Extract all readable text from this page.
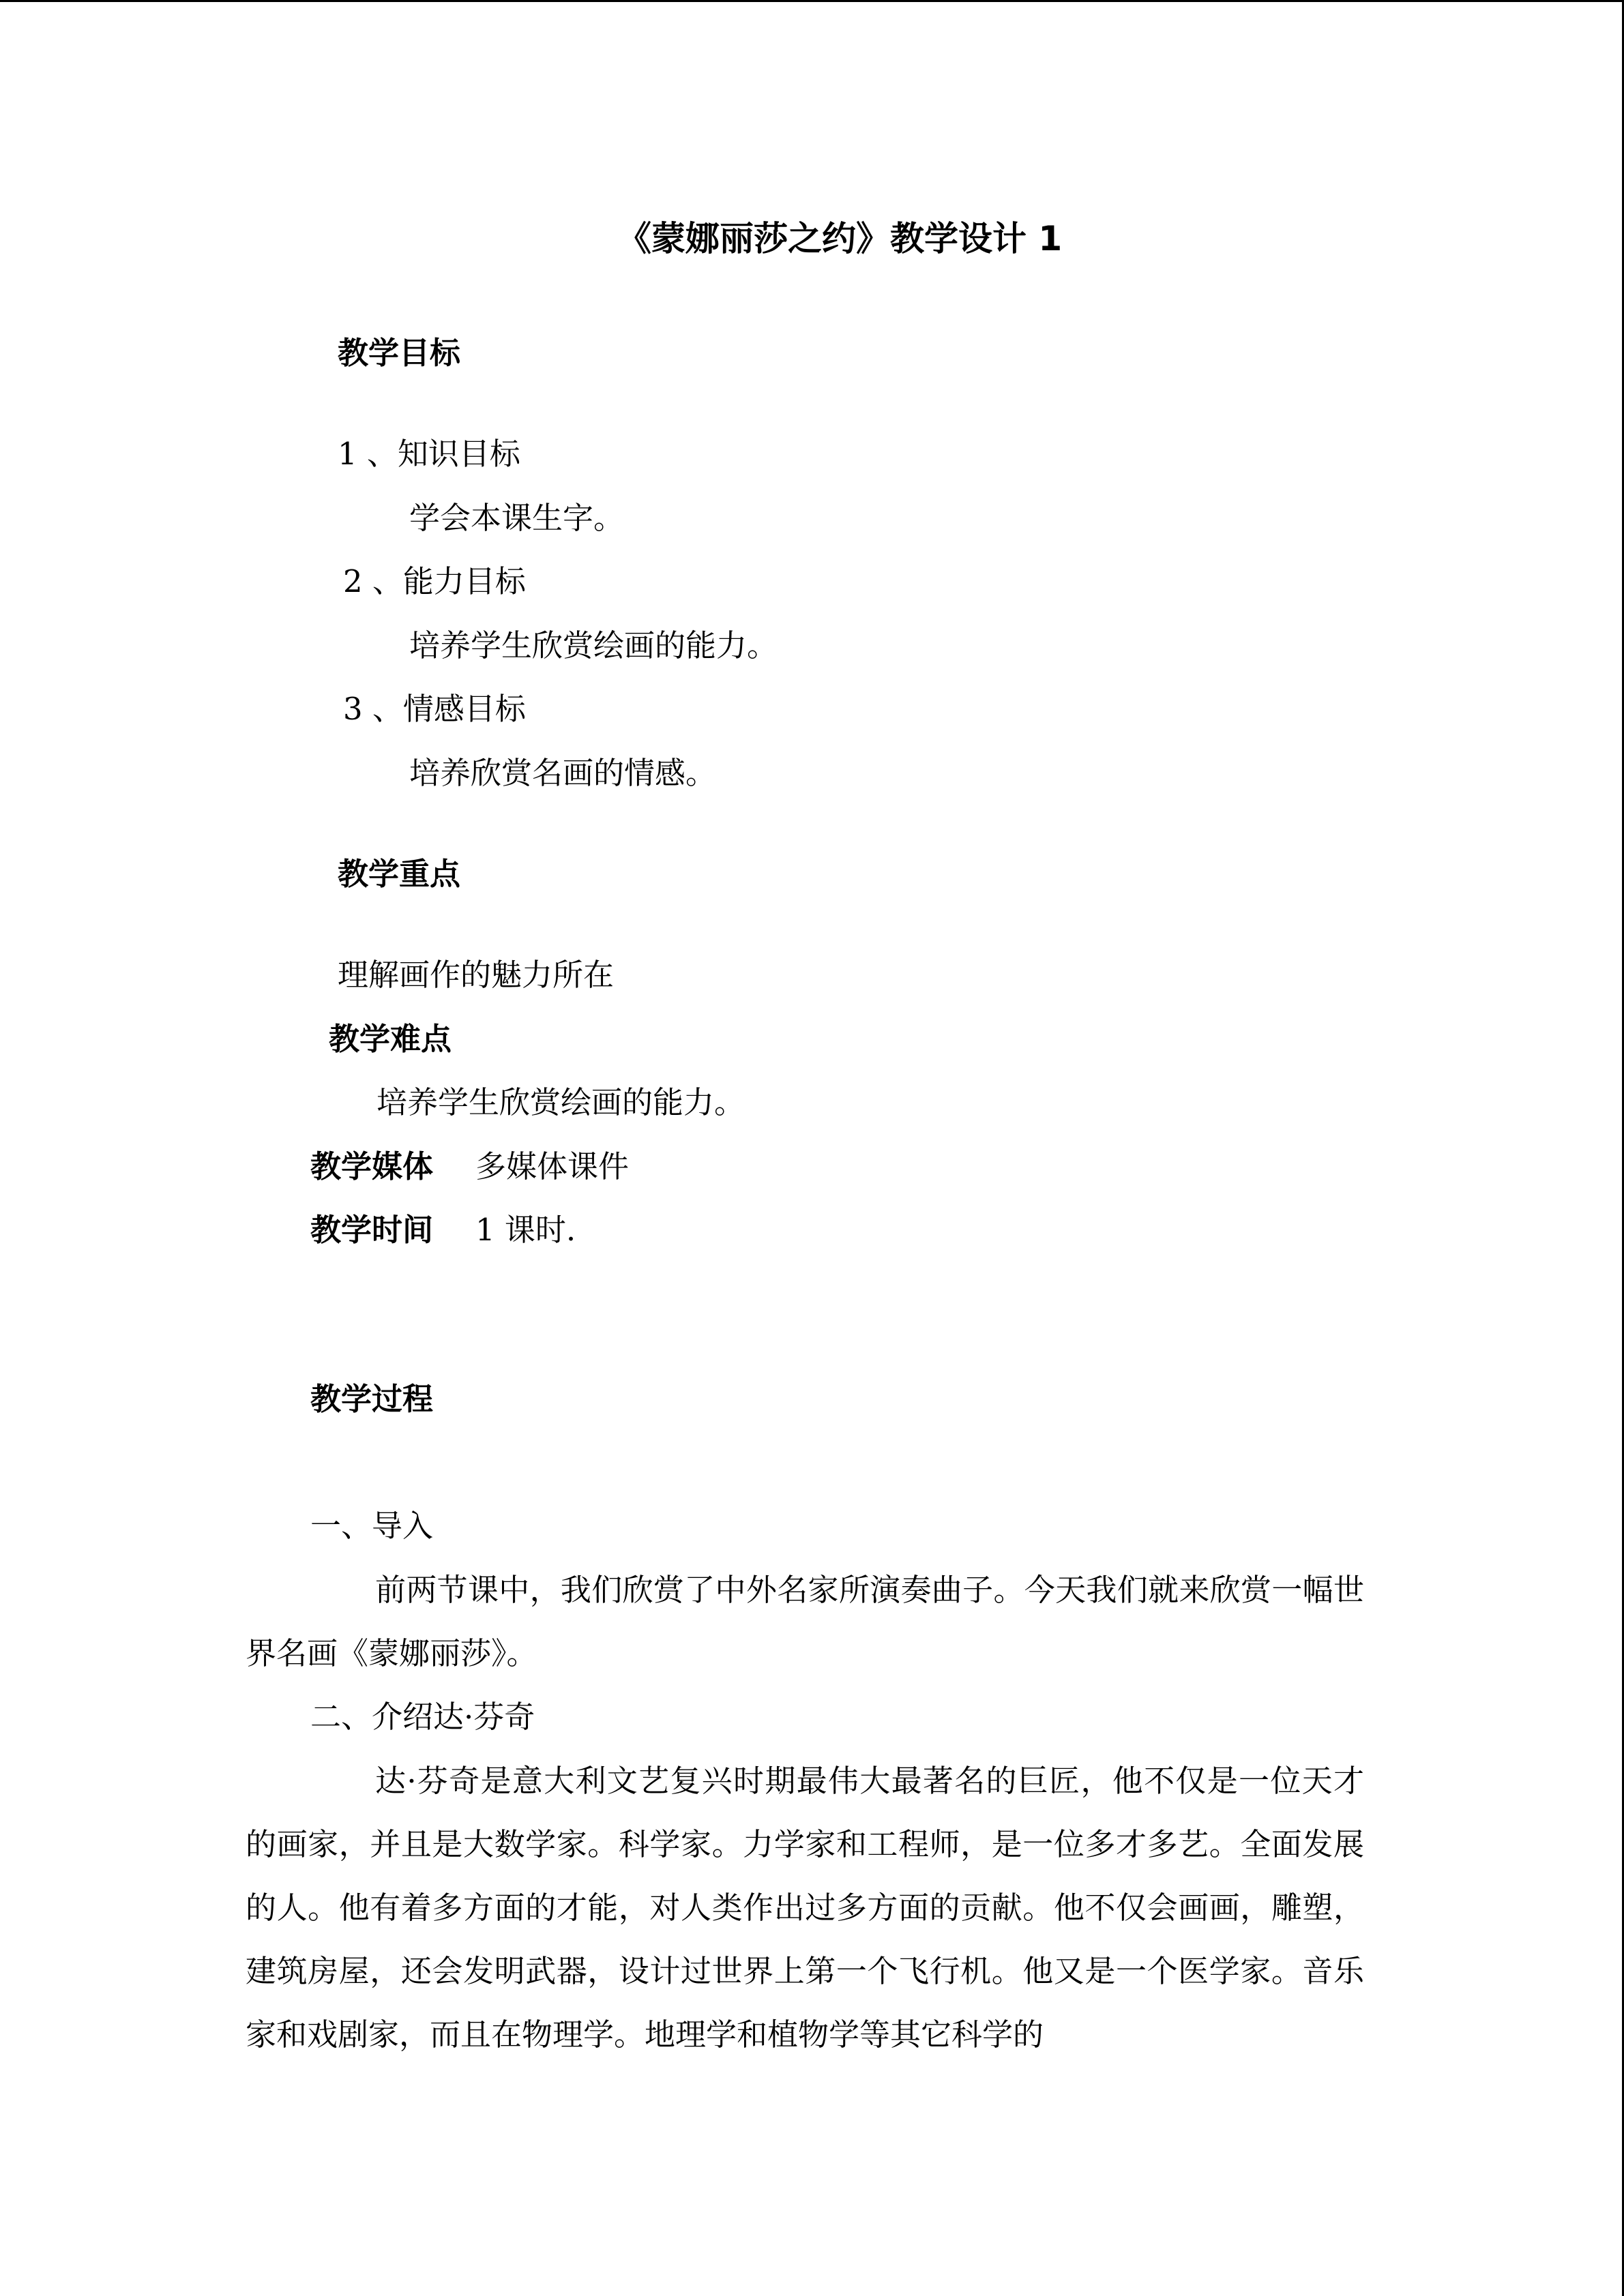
《蒙娜丽莎之约》教学设计 1
教学目标
1 、知识目标
学会本课生字。
2 、能力目标
培养学生欣赏绘画的能力。
3 、情感目标
培养欣赏名画的情感。
教学重点
理解画作的魅力所在
教学难点
培养学生欣赏绘画的能力。
教学媒体 多媒体课件
教学时间 1 课时.
教学过程
一、导入
前两节课中，我们欣赏了中外名家所演奏曲子。今天我们就来欣赏一幅世界名画《蒙娜丽莎》。
二、介绍达·芬奇
达·芬奇是意大利文艺复兴时期最伟大最著名的巨匠，他不仅是一位天才的画家，并且是大数学家。科学家。力学家和工程师，是一位多才多艺。全面发展的人。他有着多方面的才能，对人类作出过多方面的贡献。他不仅会画画，雕塑，建筑房屋，还会发明武器，设计过世界上第一个飞行机。他又是一个医学家。音乐家和戏剧家，而且在物理学。地理学和植物学等其它科学的
